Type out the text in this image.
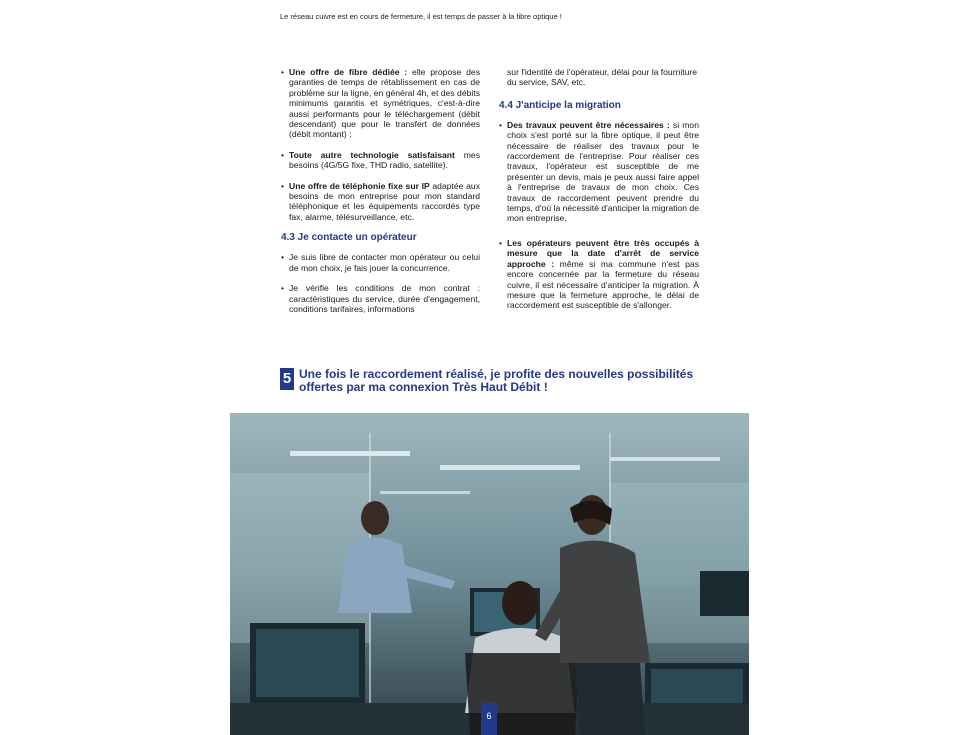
Le réseau cuivre est en cours de fermeture, il est temps de passer à la fibre optique !

• Une offre de fibre dédiée : elle propose des garanties de temps de rétablissement en cas de problème sur la ligne, en général 4h, et des débits minimums garantis et symétriques, c'est-à-dire aussi performants pour le téléchargement (débit descendant) que pour le transfert de données (débit montant) ;

• Toute autre technologie satisfaisant mes besoins (4G/5G fixe, THD radio, satellite).

• Une offre de téléphonie fixe sur IP adaptée aux besoins de mon entreprise pour mon standard téléphonique et les équipements raccordés type fax, alarme, télésurveillance, etc.

4.3 Je contacte un opérateur

• Je suis libre de contacter mon opérateur ou celui de mon choix, je fais jouer la concurrence.

• Je vérifie les conditions de mon contrat : caractéristiques du service, durée d'engagement, conditions tarifaires, informations

sur l'identité de l'opérateur, délai pour la fourniture du service, SAV, etc.

4.4 J'anticipe la migration

• Des travaux peuvent être nécessaires : si mon choix s'est porté sur la fibre optique, il peut être nécessaire de réaliser des travaux pour le raccordement de l'entreprise. Pour réaliser ces travaux, l'opérateur est susceptible de me présenter un devis, mais je peux aussi faire appel à l'entreprise de travaux de mon choix. Ces travaux de raccordement peuvent prendre du temps, d'où la nécessité d'anticiper la migration de mon entreprise.

• Les opérateurs peuvent être très occupés à mesure que la date d'arrêt de service approche : même si ma commune n'est pas encore concernée par la fermeture du réseau cuivre, il est nécessaire d'anticiper la migration. À mesure que la fermeture approche, le délai de raccordement est susceptible de s'allonger.

5 Une fois le raccordement réalisé, je profite des nouvelles possibilités offertes par ma connexion Très Haut Débit !
6
